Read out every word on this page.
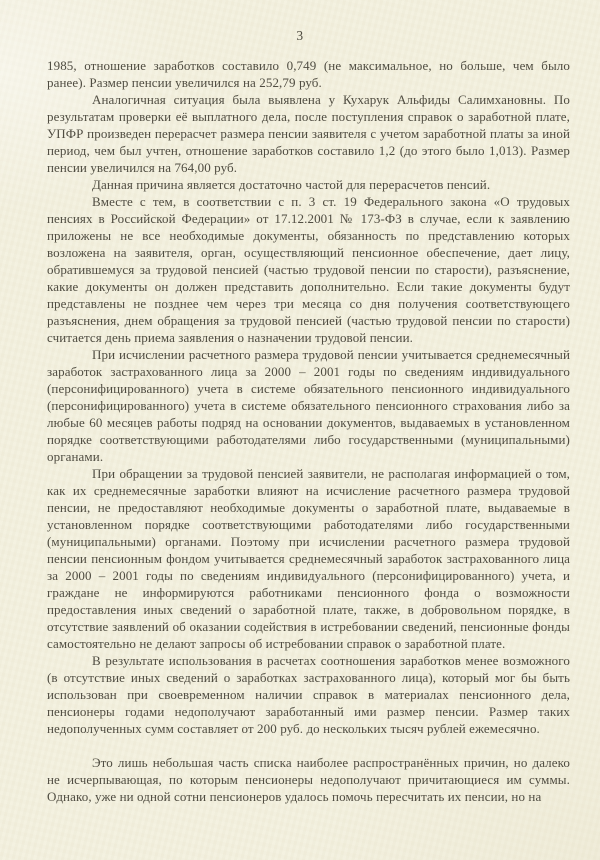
3

1985, отношение заработков составило 0,749 (не максимальное, но больше, чем было ранее). Размер пенсии увеличился на 252,79 руб.

Аналогичная ситуация была выявлена у Кухарук Альфиды Салимхановны. По результатам проверки её выплатного дела, после поступления справок о заработной плате, УПФР произведен перерасчет размера пенсии заявителя с учетом заработной платы за иной период, чем был учтен, отношение заработков составило 1,2 (до этого было 1,013). Размер пенсии увеличился на 764,00 руб.

Данная причина является достаточно частой для перерасчетов пенсий.

Вместе с тем, в соответствии с п. 3 ст. 19 Федерального закона «О трудовых пенсиях в Российской Федерации» от 17.12.2001 № 173-ФЗ в случае, если к заявлению приложены не все необходимые документы, обязанность по представлению которых возложена на заявителя, орган, осуществляющий пенсионное обеспечение, дает лицу, обратившемуся за трудовой пенсией (частью трудовой пенсии по старости), разъяснение, какие документы он должен представить дополнительно. Если такие документы будут представлены не позднее чем через три месяца со дня получения соответствующего разъяснения, днем обращения за трудовой пенсией (частью трудовой пенсии по старости) считается день приема заявления о назначении трудовой пенсии.

При исчислении расчетного размера трудовой пенсии учитывается среднемесячный заработок застрахованного лица за 2000 – 2001 годы по сведениям индивидуального (персонифицированного) учета в системе обязательного пенсионного индивидуального (персонифицированного) учета в системе обязательного пенсионного страхования либо за любые 60 месяцев работы подряд на основании документов, выдаваемых в установленном порядке соответствующими работодателями либо государственными (муниципальными) органами.

При обращении за трудовой пенсией заявители, не располагая информацией о том, как их среднемесячные заработки влияют на исчисление расчетного размера трудовой пенсии, не предоставляют необходимые документы о заработной плате, выдаваемые в установленном порядке соответствующими работодателями либо государственными (муниципальными) органами. Поэтому при исчислении расчетного размера трудовой пенсии пенсионным фондом учитывается среднемесячный заработок застрахованного лица за 2000 – 2001 годы по сведениям индивидуального (персонифицированного) учета, и граждане не информируются работниками пенсионного фонда о возможности предоставления иных сведений о заработной плате, также, в добровольном порядке, в отсутствие заявлений об оказании содействия в истребовании сведений, пенсионные фонды самостоятельно не делают запросы об истребовании справок о заработной плате.

В результате использования в расчетах соотношения заработков менее возможного (в отсутствие иных сведений о заработках застрахованного лица), который мог бы быть использован при своевременном наличии справок в материалах пенсионного дела, пенсионеры годами недополучают заработанный ими размер пенсии. Размер таких недополученных сумм составляет от 200 руб. до нескольких тысяч рублей ежемесячно.

Это лишь небольшая часть списка наиболее распространённых причин, но далеко не исчерпывающая, по которым пенсионеры недополучают причитающиеся им суммы. Однако, уже ни одной сотни пенсионеров удалось помочь пересчитать их пенсии, но на
